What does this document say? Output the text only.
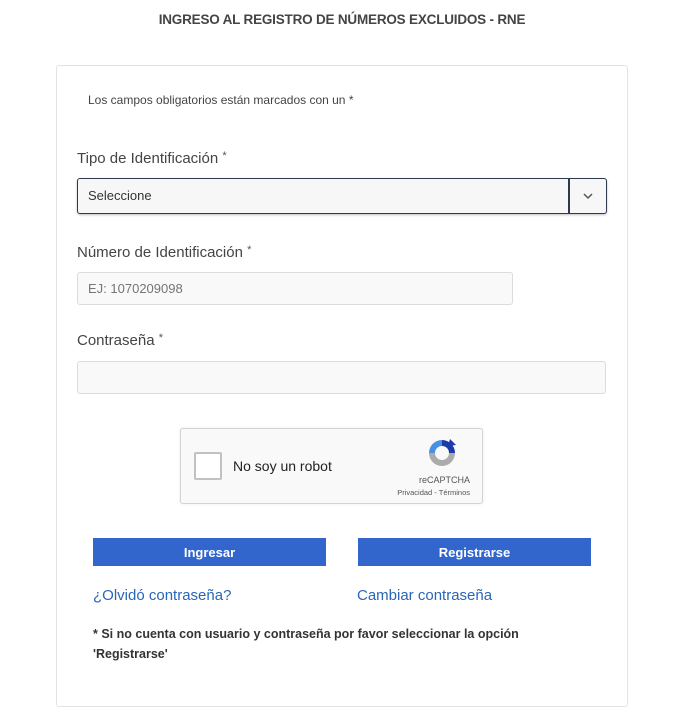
INGRESO AL REGISTRO DE NÚMEROS EXCLUIDOS - RNE
Los campos obligatorios están marcados con un *
Tipo de Identificación *
Seleccione
Número de Identificación *
EJ: 1070209098
Contraseña *
No soy un robot
reCAPTCHA
Privacidad - Términos
Ingresar	Registrarse
¿Olvidó contraseña?	Cambiar contraseña
* Si no cuenta con usuario y contraseña por favor seleccionar la opción 'Registrarse'
